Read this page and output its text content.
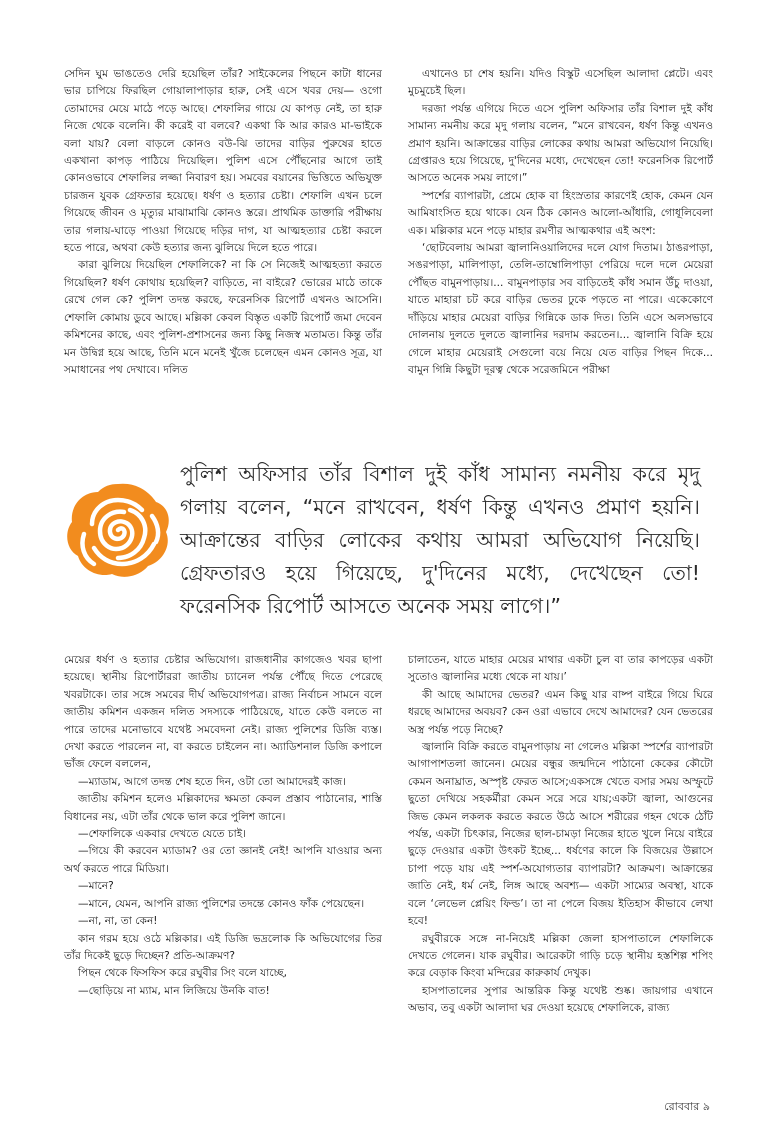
সেদিন ঘুম ভাঙতেও দেরি হয়েছিল তাঁর? সাইকেলের পিছনে কাটা ধানের ভার চাপিয়ে ফিরছিল গোয়ালাপাড়ার হারু, সেই এসে খবর দেয়— ওগো তোমাদের মেয়ে মাঠে পড়ে আছে। শেফালির গায়ে যে কাপড় নেই, তা হারু নিজে থেকে বলেনি। কী করেই বা বলবে? একথা কি আর কারও মা-ভাইকে বলা যায়? বেলা বাড়লে কোনও বউ-ঝি তাদের বাড়ির পুরুষের হাতে একখানা কাপড় পাঠিয়ে দিয়েছিল। পুলিশ এসে পৌঁছনোর আগে তাই কোনওভাবে শেফালির লজ্জা নিবারণ হয়। সমবের বয়ানের ভিত্তিতে অভিযুক্ত চারজন যুবক গ্রেফতার হয়েছে। ধর্ষণ ও হত্যার চেষ্টা। শেফালি এখন চলে গিয়েছে জীবন ও মৃত্যুর মাঝামাঝি কোনও স্তরে। প্রাথমিক ডাক্তারি পরীক্ষায় তার গলায়-ঘাড়ে পাওয়া গিয়েছে দড়ির দাগ, যা আত্মহত্যার চেষ্টা করলে হতে পারে, অথবা কেউ হত্যার জন্য ঝুলিয়ে দিলে হতে পারে।

কারা ঝুলিয়ে দিয়েছিল শেফালিকে? না কি সে নিজেই আত্মহত্যা করতে গিয়েছিল? ধর্ষণ কোথায় হয়েছিল? বাড়িতে, না বাইরে? ভোরের মাঠে তাকে রেখে গেল কে? পুলিশ তদন্ত করছে, ফরেনসিক রিপোর্ট এখনও আসেনি। শেফালি কোমায় ডুবে আছে। মল্লিকা কেবল বিস্তৃত একটি রিপোর্ট জমা দেবেন কমিশনের কাছে, এবং পুলিশ-প্রশাসনের জন্য কিছু নিজস্ব মতামত। কিন্তু তাঁর মন উদ্বিগ্ন হয়ে আছে, তিনি মনে মনেই খুঁজে চলেছেন এমন কোনও সূত্র, যা সমাধানের পথ দেখাবে। দলিত

এখানেও চা শেষ হয়নি। যদিও বিস্কুট এসেছিল আলাদা প্লেটে। এবং মুচমুচেই ছিল।

দরজা পর্যন্ত এগিয়ে দিতে এসে পুলিশ অফিসার তাঁর বিশাল দুই কাঁধ সামান্য নমনীয় করে মৃদু গলায় বলেন, “মনে রাখবেন, ধর্ষণ কিন্তু এখনও প্রমাণ হয়নি। আক্রান্তের বাড়ির লোকের কথায় আমরা অভিযোগ নিয়েছি। গ্রেপ্তারও হয়ে গিয়েছে, দু'দিনের মধ্যে, দেখেছেন তো! ফরেনসিক রিপোর্ট আসতে অনেক সময় লাগে।”

স্পর্শের ব্যাপারটা, প্রেমে হোক বা হিংস্রতার কারণেই হোক, কেমন যেন আমিষাংসিত হয়ে থাকে। যেন ঠিক কোনও আলো-আঁধারি, গোধূলিবেলা এক। মল্লিকার মনে পড়ে মাহার রমণীর আত্মকথার এই অংশ:

‘ছোটবেলায় আমরা জ্বালানিওয়ালিদের দলে যোগ দিতাম। ঠাঙরপাড়া, সঙরপাড়া, মালিপাড়া, তেলি-তাম্বোলিপাড়া পেরিয়ে দলে দলে মেয়েরা পৌঁছত বামুনপাড়ায়।... বামুনপাড়ার সব বাড়িতেই কাঁধ সমান উঁচু দাওয়া, যাতে মাহারা চট করে বাড়ির ভেতর ঢুকে পড়তে না পারে। একেকোণে দাঁড়িয়ে মাহার মেয়েরা বাড়ির গিন্নিকে ডাক দিত। তিনি এসে অলসভাবে দোলনায় দুলতে দুলতে জ্বালানির দরদাম করতেন।... জ্বালানি বিক্রি হয়ে গেলে মাহার মেয়েরাই সেগুলো বয়ে নিয়ে যেত বাড়ির পিছন দিকে... বামুন গিন্নি কিছুটা দূরত্ব থেকে সরেজমিনে পরীক্ষা

পুলিশ অফিসার তাঁর বিশাল দুই কাঁধ সামান্য নমনীয় করে মৃদু গলায় বলেন, “মনে রাখবেন, ধর্ষণ কিন্তু এখনও প্রমাণ হয়নি। আক্রান্তের বাড়ির লোকের কথায় আমরা অভিযোগ নিয়েছি। গ্রেফতারও হয়ে গিয়েছে, দু'দিনের মধ্যে, দেখেছেন তো! ফরেনসিক রিপোর্ট আসতে অনেক সময় লাগে।”

মেয়ের ধর্ষণ ও হত্যার চেষ্টার অভিযোগ। রাজধানীর কাগজেও খবর ছাপা হয়েছে। স্থানীয় রিপোর্টাররা জাতীয় চ্যানেল পর্যন্ত পৌঁছে দিতে পেরেছে খবরটাকে। তার সঙ্গে সমবের দীর্ঘ অভিযোগপত্র। রাজ্য নির্বাচন সামনে বলে জাতীয় কমিশন একজন দলিত সদস্যকে পাঠিয়েছে, যাতে কেউ বলতে না পারে তাদের মনোভাবে যথেষ্ট সমবেদনা নেই। রাজ্য পুলিশের ডিজি ব্যস্ত। দেখা করতে পারলেন না, বা করতে চাইলেন না। অ্যাডিশনাল ডিজি কপালে ভাঁজ ফেলে বললেন,

—ম্যাডাম, আগে তদন্ত শেষ হতে দিন, ওটা তো আমাদেরই কাজ।

জাতীয় কমিশন হলেও মল্লিকাদের ক্ষমতা কেবল প্রস্তাব পাঠানোর, শাস্তি বিধানের নয়, এটা তাঁর থেকে ভাল করে পুলিশ জানে।

—শেফালিকে একবার দেখতে যেতে চাই।

—গিয়ে কী করবেন ম্যাডাম? ওর তো জ্ঞানই নেই! আপনি যাওয়ার অন্য অর্থ করতে পারে মিডিয়া।

—মানে?

—মানে, যেমন, আপনি রাজ্য পুলিশের তদন্তে কোনও ফাঁক পেয়েছেন।

—না, না, তা কেন!

কান গরম হয়ে ওঠে মল্লিকার। এই ডিজি ভদ্রলোক কি অভিযোগের তির তাঁর দিকেই ছুড়ে দিচ্ছেন? প্রতি-আক্রমণ?

পিছন থেকে ফিসফিস করে রঘুবীর সিং বলে যাচ্ছে,

—ছোড়িয়ে না ম্যাম, মান লিজিয়ে উনকি বাত!

চালাতেন, যাতে মাহার মেয়ের মাথার একটা চুল বা তার কাপড়ের একটা সুতোও জ্বালানির মধ্যে থেকে না যায়।’

কী আছে আমাদের ভেতর? এমন কিছু যার বাষ্প বাইরে গিয়ে ঘিরে ধরছে আমাদের অবয়ব? কেন ওরা এভাবে দেখে আমাদের? যেন ভেতরের অস্ত্র পর্যন্ত পড়ে নিচ্ছে?

জ্বালানি বিক্রি করতে বামুনপাড়ায় না গেলেও মল্লিকা স্পর্শের ব্যাপারটা আগাপাশতলা জানেন। মেয়ের বন্ধুর জন্মদিনে পাঠানো কেকের কৌটো কেমন অনাঘ্রাত, অস্পৃষ্ট ফেরত আসে;একসঙ্গে খেতে বসার সময় অস্ফুটে ছুতো দেখিয়ে সহকর্মীরা কেমন সরে সরে যায়;একটা জ্বালা, আগুনের জিভ কেমন লকলক করতে করতে উঠে আসে শরীরের গহন থেকে ঠোঁট পর্যন্ত, একটা চিৎকার, নিজের ছাল-চামড়া নিজের হাতে খুলে নিয়ে বাইরে ছুড়ে দেওয়ার একটা উৎকট ইচ্ছে... ধর্ষণের কালে কি বিজয়ের উল্লাসে চাপা পড়ে যায় এই স্পর্শ-অযোগ্যতার ব্যাপারটা? আক্রমণ। আক্রান্তের জাতি নেই, ধর্ম নেই, লিঙ্গ আছে অবশ্য— একটা সাম্যের অবস্থা, যাকে বলে ‘লেভেল প্লেয়িং ফিল্ড’। তা না পেলে বিজয় ইতিহাস কীভাবে লেখা হবে!

রঘুবীরকে সঙ্গে না-নিয়েই মল্লিকা জেলা হাসপাতালে শেফালিকে দেখতে গেলেন। যাক রঘুবীর। আরেকটা গাড়ি চড়ে স্থানীয় হস্তশিল্প শপিং করে বেড়াক কিংবা মন্দিরের কারুকার্য দেখুক।

হাসপাতালের সুপার আন্তরিক কিন্তু যথেষ্ট শুষ্ক। জায়গার এখানে অভাব, তবু একটা আলাদা ঘর দেওয়া হয়েছে শেফালিকে, রাজ্য

রোববার ৯
